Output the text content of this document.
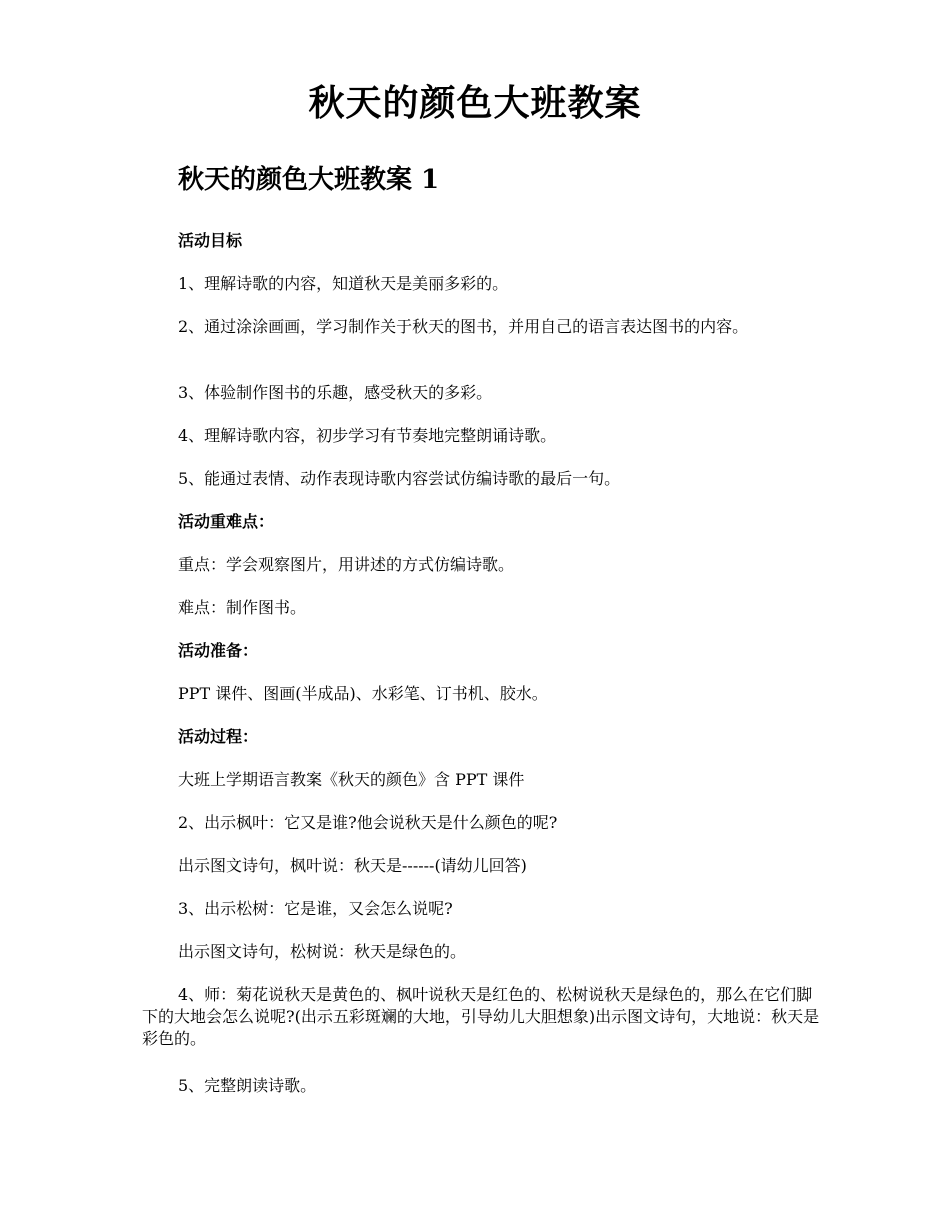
秋天的颜色大班教案
秋天的颜色大班教案 1
活动目标
1、理解诗歌的内容，知道秋天是美丽多彩的。
2、通过涂涂画画，学习制作关于秋天的图书，并用自己的语言表达图书的内容。
3、体验制作图书的乐趣，感受秋天的多彩。
4、理解诗歌内容，初步学习有节奏地完整朗诵诗歌。
5、能通过表情、动作表现诗歌内容尝试仿编诗歌的最后一句。
活动重难点：
重点：学会观察图片，用讲述的方式仿编诗歌。
难点：制作图书。
活动准备：
PPT 课件、图画(半成品)、水彩笔、订书机、胶水。
活动过程：
大班上学期语言教案《秋天的颜色》含 PPT 课件
2、出示枫叶：它又是谁?他会说秋天是什么颜色的呢?
出示图文诗句，枫叶说：秋天是------(请幼儿回答)
3、出示松树：它是谁，又会怎么说呢?
出示图文诗句，松树说：秋天是绿色的。
4、师：菊花说秋天是黄色的、枫叶说秋天是红色的、松树说秋天是绿色的，那么在它们脚下的大地会怎么说呢?(出示五彩斑斓的大地，引导幼儿大胆想象)出示图文诗句，大地说：秋天是彩色的。
5、完整朗读诗歌。
